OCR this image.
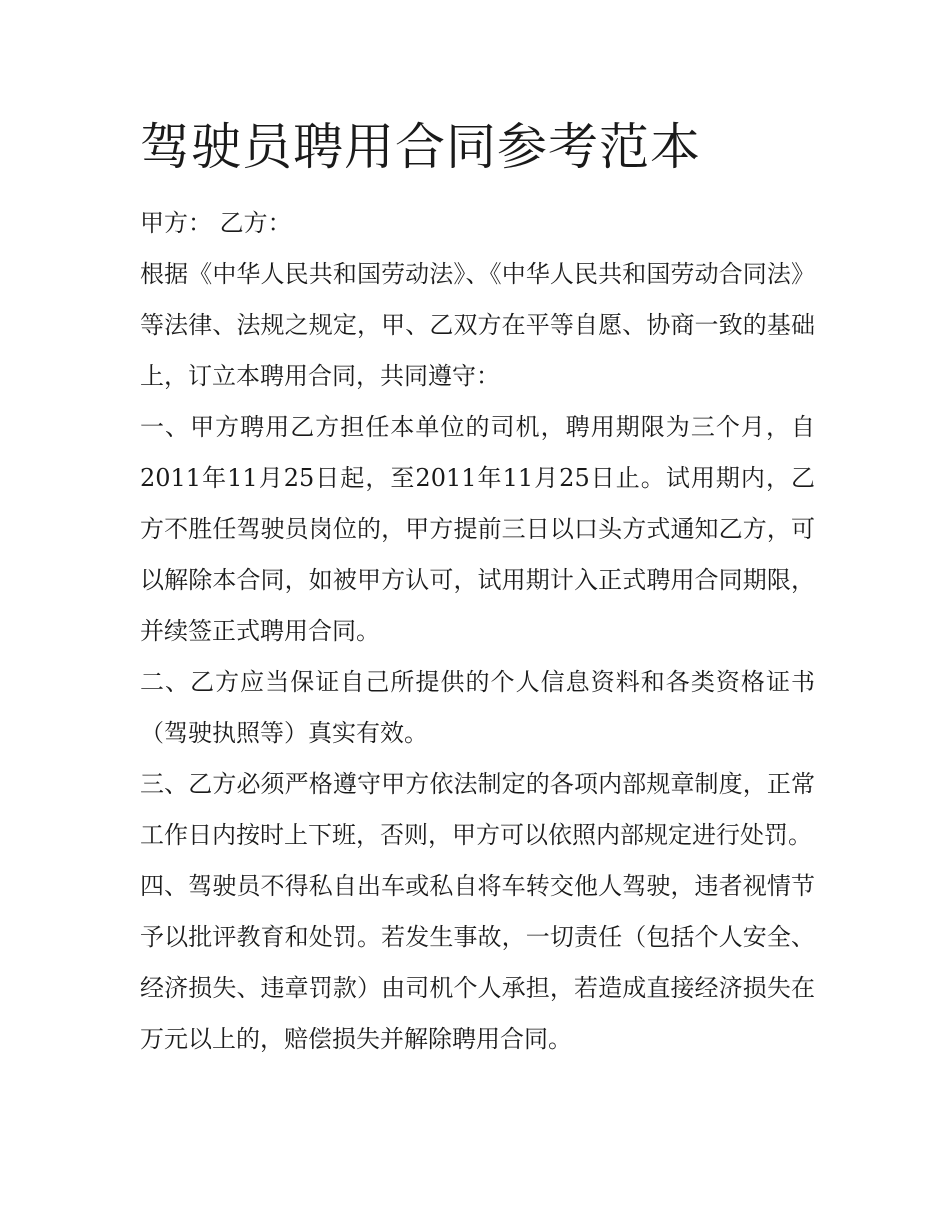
驾驶员聘用合同参考范本

甲方： 乙方：

根据《中华人民共和国劳动法》、《中华人民共和国劳动合同法》等法律、法规之规定，甲、乙双方在平等自愿、协商一致的基础上，订立本聘用合同，共同遵守：

一、甲方聘用乙方担任本单位的司机，聘用期限为三个月，自2011年11月25日起，至2011年11月25日止。试用期内，乙方不胜任驾驶员岗位的，甲方提前三日以口头方式通知乙方，可以解除本合同，如被甲方认可，试用期计入正式聘用合同期限，并续签正式聘用合同。

二、乙方应当保证自己所提供的个人信息资料和各类资格证书（驾驶执照等）真实有效。

三、乙方必须严格遵守甲方依法制定的各项内部规章制度，正常工作日内按时上下班，否则，甲方可以依照内部规定进行处罚。

四、驾驶员不得私自出车或私自将车转交他人驾驶，违者视情节予以批评教育和处罚。若发生事故，一切责任（包括个人安全、经济损失、违章罚款）由司机个人承担，若造成直接经济损失在万元以上的，赔偿损失并解除聘用合同。
